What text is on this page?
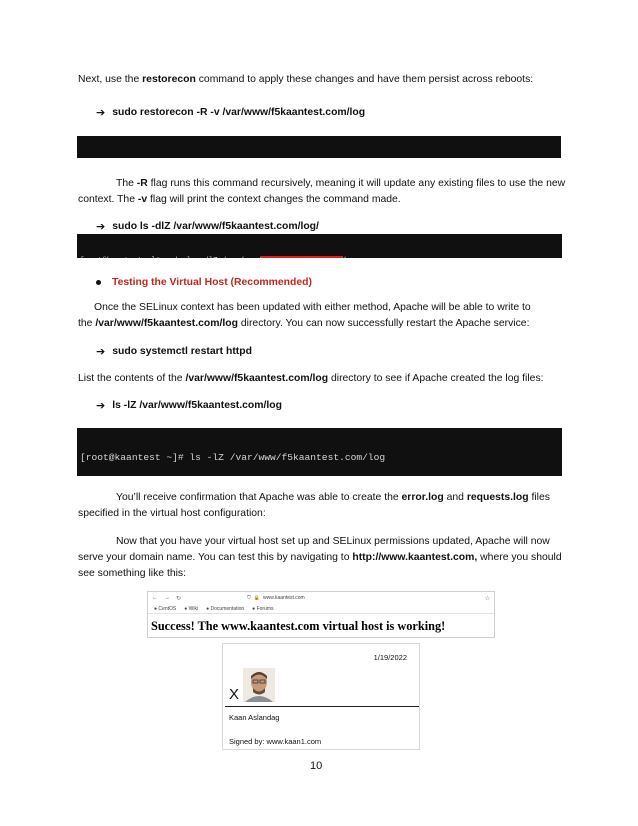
Next, use the restorecon command to apply these changes and have them persist across reboots:
➔ sudo restorecon -R -v /var/www/f5kaantest.com/log

The -R flag runs this command recursively, meaning it will update any existing files to use the new
context. The -v flag will print the context changes the command made.
➔ sudo ls -dlZ /var/www/f5kaantest.com/log/

Testing the Virtual Host (Recommended)
Once the SELinux context has been updated with either method, Apache will be able to write to
the /var/www/f5kaantest.com/log directory. You can now successfully restart the Apache service:
➔ sudo systemctl restart httpd
List the contents of the /var/www/f5kaantest.com/log directory to see if Apache created the log files:
➔ ls -lZ /var/www/f5kaantest.com/log

[root@kaantest ~]# ls -lZ /var/www/f5kaantest.com/log

You’ll receive confirmation that Apache was able to create the error.log and requests.log files
specified in the virtual host configuration:
Now that you have your virtual host set up and SELinux permissions updated, Apache will now
serve your domain name. You can test this by navigating to http://www.kaantest.com, where you should
see something like this:
← → ↻	⛉ 🔒 www.kaantest.com	☆
● CentOS ● Wiki ● Documentation ● Forums
Success! The www.kaantest.com virtual host is working!
1/19/2022
X
Kaan Aslandag
Signed by: www.kaan1.com
10
